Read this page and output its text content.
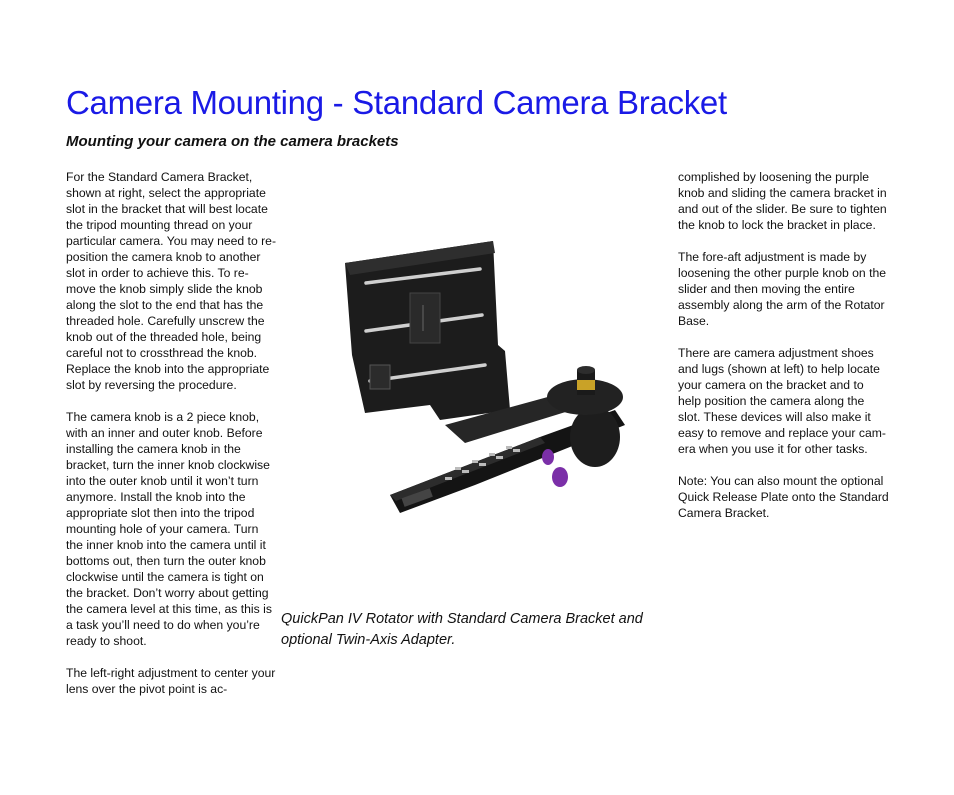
Camera Mounting - Standard Camera Bracket
Mounting your camera on the camera brackets

For the Standard Camera Bracket, shown at right, select the appropriate slot in the bracket that will best locate the tripod mounting thread on your particular camera. You may need to re-position the camera knob to another slot in order to achieve this. To re-move the knob simply slide the knob along the slot to the end that has the threaded hole. Carefully unscrew the knob out of the threaded hole, being careful not to crossthread the knob. Replace the knob into the appropriate slot by reversing the procedure.

The camera knob is a 2 piece knob, with an inner and outer knob. Before installing the camera knob in the bracket, turn the inner knob clockwise into the outer knob until it won’t turn anymore. Install the knob into the appropriate slot then into the tripod mounting hole of your camera. Turn the inner knob into the camera until it bottoms out, then turn the outer knob clockwise until the camera is tight on the bracket. Don’t worry about getting the camera level at this time, as this is a task you’ll need to do when you’re ready to shoot.

The left-right adjustment to center your lens over the pivot point is ac-

QuickPan IV Rotator with Standard Camera Bracket and optional Twin-Axis Adapter.

complished by loosening the purple knob and sliding the camera bracket in and out of the slider. Be sure to tighten the knob to lock the bracket in place.

The fore-aft adjustment is made by loosening the other purple knob on the slider and then moving the entire assembly along the arm of the Rotator Base.

There are camera adjustment shoes and lugs (shown at left) to help locate your camera on the bracket and to help position the camera along the slot. These devices will also make it easy to remove and replace your cam-era when you use it for other tasks.

Note: You can also mount the optional Quick Release Plate onto the Standard Camera Bracket.
